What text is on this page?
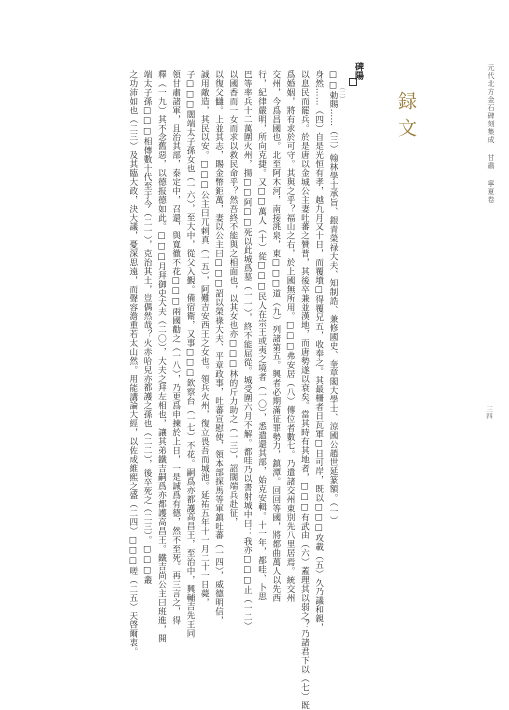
元代北方金石碑刻集成甘肅寧夏卷
三四
録文
碑陽
（二）
□□勅賜……（三）翰林學士承旨、銀青榮禄大夫、知制誥、兼修國史、奎章閣大學士、涼國公趙世延篆額。（一）
身然……（四）自是光恒有孝，越九月又十日，而覆墳□得覆兄五，收奉之。其最柵者日瓦軍□日可岸，既以□□□攻載（五）久乃議和親，
以息民而罷兵。於是唐以金城公主妻吐蕃之贊普，其後卒兼並漢地，而唐勢遂以衰矣。當其時有其地者，□□□有武由（六）蓋理其以弱之？乃諸君下以（七）既
爲婚姻，將有求於可守。其與之乎？福山之右，於上國無所用。□□□弗安居（八）傳位者數七。乃遣諸交州東別先八里居焉。統交州
交州，今爲昌國也。北至阿木河，南接洮泉，東□□□道（九）列諸第五。興者必期滿征罪勢力，鎮潭。回回等國，將都曲萬人以先西
行，紀律嚴明，所向克捷。又□□萬人（十）從□□□民人在宗王或夷之境者（一〇），悉遣還其部，始克安輯。十一年，都哇、卜思
巴等率兵十二萬圍火州，揚□□阿□□死以此城爲墓（一一），終不能屈從。城受圍六月不解。都哇乃以書射城中曰：我亦□□□止（一二）
以國香而一女而求以救民命乎？然吾終不能與之相面也，以其女也亦□□□林的斤力助之（一三），詔闊端兵赴征，
以復父讎。上並其志，賜金幣鉅萬，妻以公主曰□□□詔以榮祿大夫、平章政事，吐蕃宣慰使，領本部探馬等軍鎮吐蕃（一四），威德明信，
誠用敵造，其民以安。□□□公主曰兀剌真（一五），阿難吉安西王之女也。領兵火州，復立畏吾而城池。延祐五年十一月二十一日薨，
子□□□闊端太子孫女也（一六），至大中，從父入覲。備宿衛，又事□□□欽察台（一七）不花。嗣爲亦都護高昌王，至治中，興輔吉先王同
領甘肅諸軍，且治其部，泰定中，召還，與寬徹不花□□□兩國勸之（一八），乃更爲申揀於上日，一是誠爲有德，然不至死。再三言之，得
釋（一九）其不念舊惡，以德报德如此。□□□月拜御史大夫（二〇），大夫之拜左相也，讓其弟鐵吉嗣爲亦都護高昌王。鐵吉尚公主曰班進，開
端太子孫□□□相傳數十代至于今（二一），克治其土，豈偶然哉？火赤哈兒亦都護之孫也（二二），後卒死之（二三）。□□□叢
之功沛如也（二三）及其臨大政，決大議，憂深思遠，而聲容澹重若太山然。用能講論大經，以佐成維熙之盛（二四）□□□嗟（二五）天啓爾衷。
